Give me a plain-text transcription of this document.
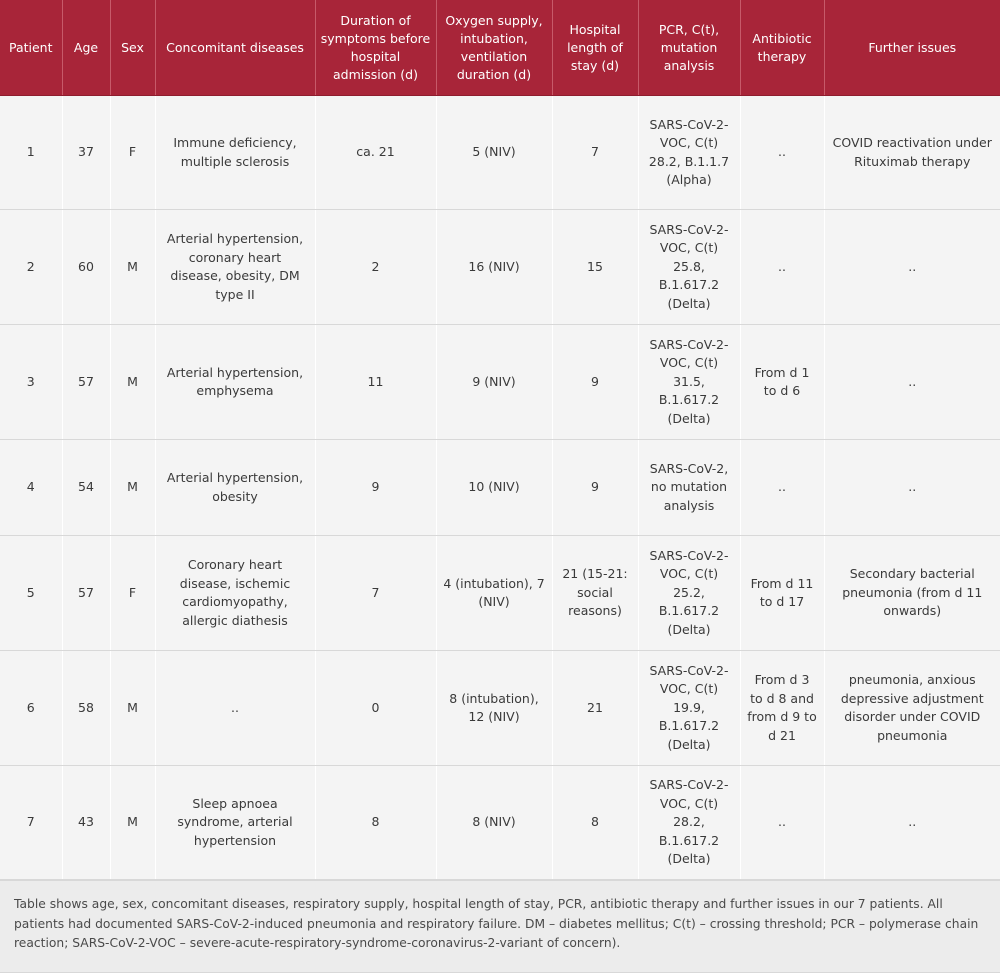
Patient	Age	Sex	Concomitant diseases	Duration of symptoms before hospital admission (d)	Oxygen supply, intubation, ventilation duration (d)	Hospital length of stay (d)	PCR, C(t), mutation analysis	Antibiotic therapy	Further issues
1	37	F	Immune deficiency, multiple sclerosis	ca. 21	5 (NIV)	7	SARS-CoV-2-VOC, C(t) 28.2, B.1.1.7 (Alpha)	..	COVID reactivation under Rituximab therapy
2	60	M	Arterial hypertension, coronary heart disease, obesity, DM type II	2	16 (NIV)	15	SARS-CoV-2-VOC, C(t) 25.8, B.1.617.2 (Delta)	..	..
3	57	M	Arterial hypertension, emphysema	11	9 (NIV)	9	SARS-CoV-2-VOC, C(t) 31.5, B.1.617.2 (Delta)	From d 1 to d 6	..
4	54	M	Arterial hypertension, obesity	9	10 (NIV)	9	SARS-CoV-2, no mutation analysis	..	..
5	57	F	Coronary heart disease, ischemic cardiomyopathy, allergic diathesis	7	4 (intubation), 7 (NIV)	21 (15-21: social reasons)	SARS-CoV-2-VOC, C(t) 25.2, B.1.617.2 (Delta)	From d 11 to d 17	Secondary bacterial pneumonia (from d 11 onwards)
6	58	M	..	0	8 (intubation), 12 (NIV)	21	SARS-CoV-2-VOC, C(t) 19.9, B.1.617.2 (Delta)	From d 3 to d 8 and from d 9 to d 21	pneumonia, anxious depressive adjustment disorder under COVID pneumonia
7	43	M	Sleep apnoea syndrome, arterial hypertension	8	8 (NIV)	8	SARS-CoV-2-VOC, C(t) 28.2, B.1.617.2 (Delta)	..	..
Table shows age, sex, concomitant diseases, respiratory supply, hospital length of stay, PCR, antibiotic therapy and further issues in our 7 patients. All patients had documented SARS-CoV-2-induced pneumonia and respiratory failure. DM – diabetes mellitus; C(t) – crossing threshold; PCR – polymerase chain reaction; SARS-CoV-2-VOC – severe-acute-respiratory-syndrome-coronavirus-2-variant of concern).
